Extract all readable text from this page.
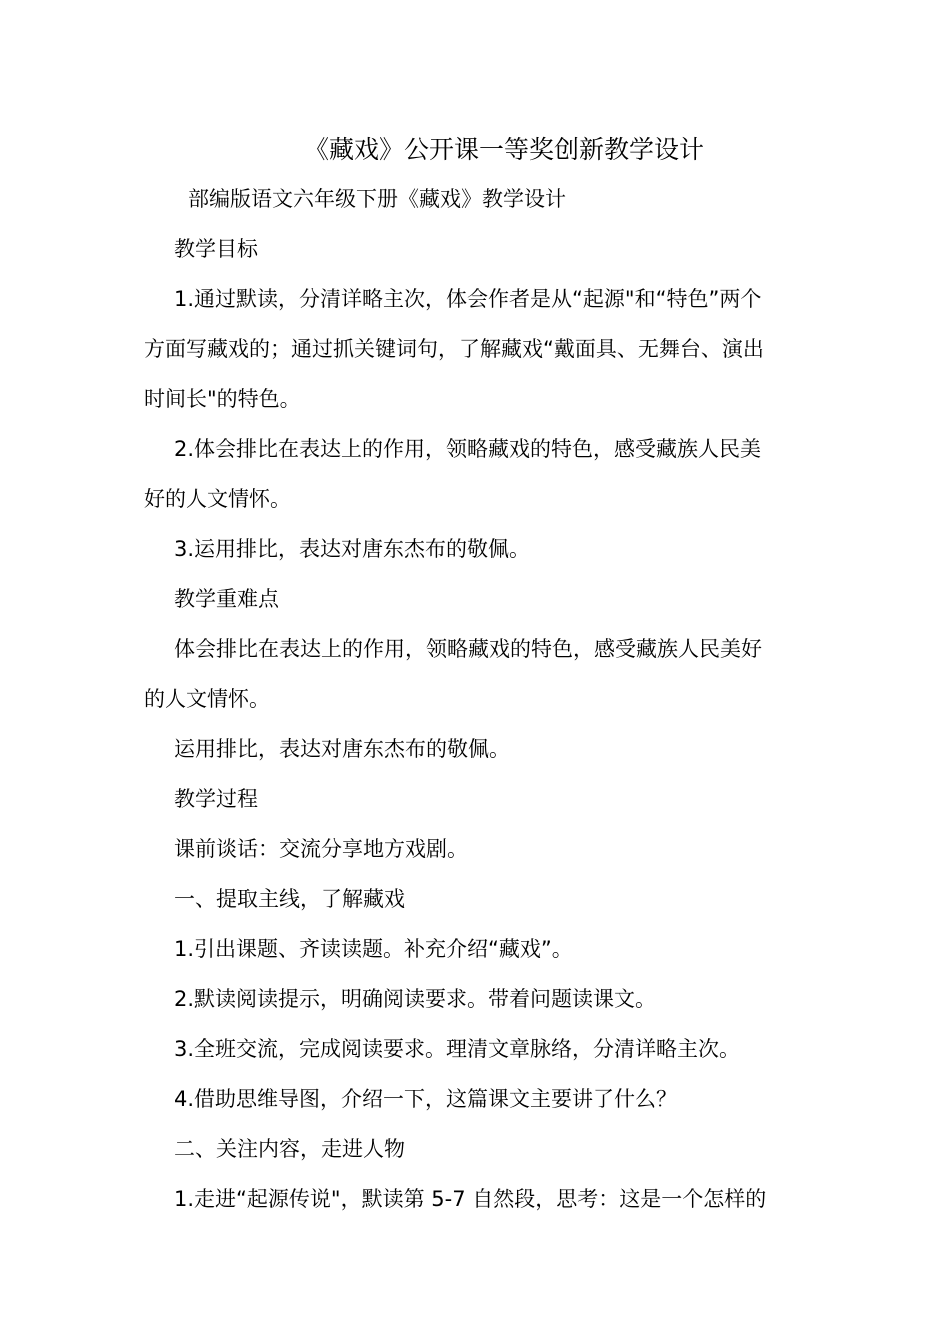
《藏戏》公开课一等奖创新教学设计
部编版语文六年级下册《藏戏》教学设计
教学目标
1.通过默读，分清详略主次，体会作者是从“起源"和“特色”两个
方面写藏戏的；通过抓关键词句，了解藏戏“戴面具、无舞台、演出
时间长"的特色。
2.体会排比在表达上的作用，领略藏戏的特色，感受藏族人民美
好的人文情怀。
3.运用排比，表达对唐东杰布的敬佩。
教学重难点
体会排比在表达上的作用，领略藏戏的特色，感受藏族人民美好
的人文情怀。
运用排比，表达对唐东杰布的敬佩。
教学过程
课前谈话：交流分享地方戏剧。
一、提取主线，了解藏戏
1.引出课题、齐读读题。补充介绍“藏戏”。
2.默读阅读提示，明确阅读要求。带着问题读课文。
3.全班交流，完成阅读要求。理清文章脉络，分清详略主次。
4.借助思维导图，介绍一下，这篇课文主要讲了什么？
二、关注内容，走进人物
1.走进“起源传说"，默读第 5-7 自然段，思考：这是一个怎样的
